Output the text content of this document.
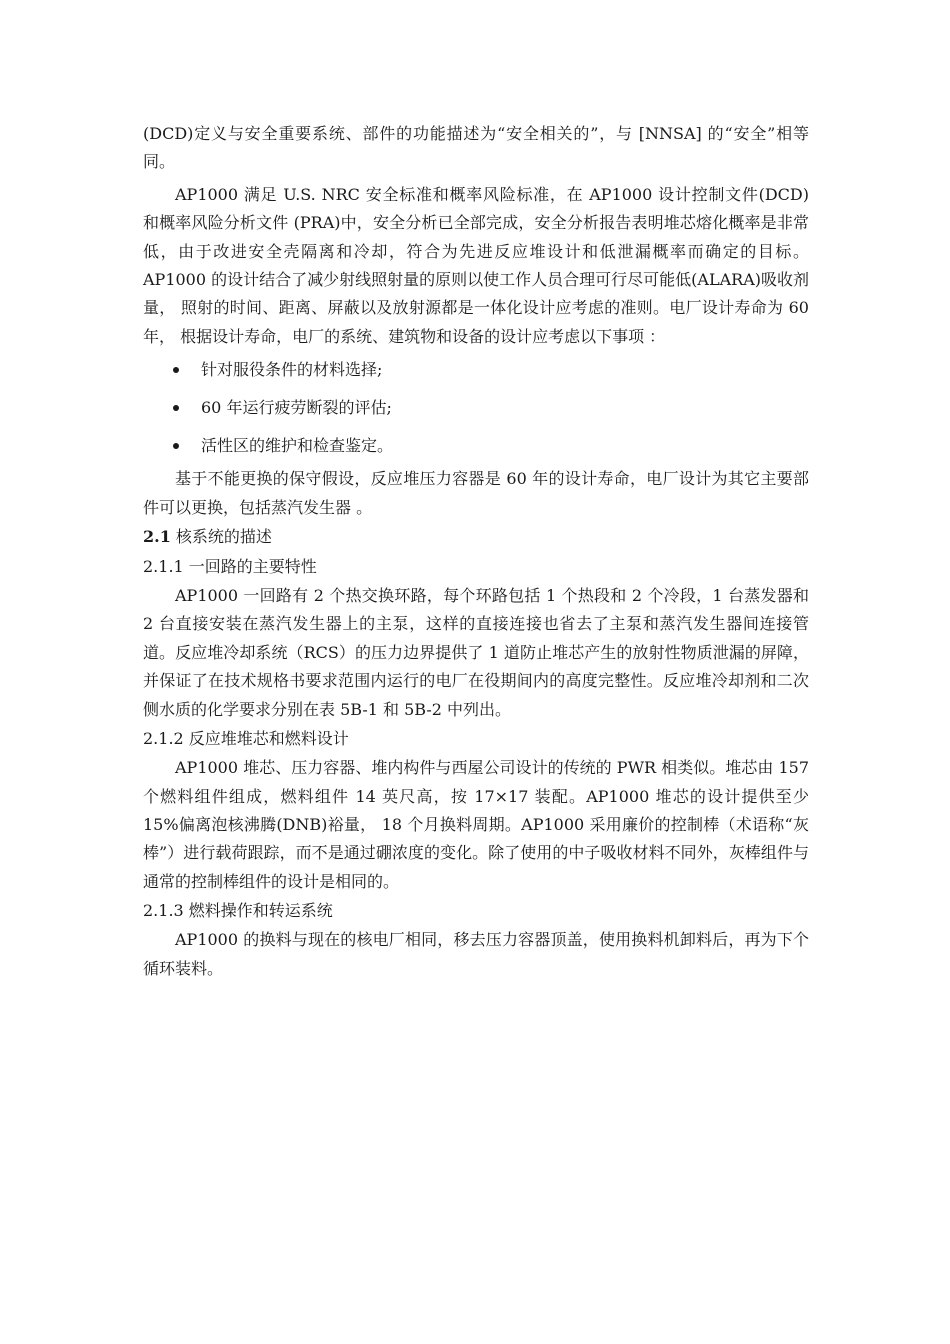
(DCD)定义与安全重要系统、部件的功能描述为“安全相关的”，与 [NNSA] 的“安全”相等同。

AP1000 满足 U.S. NRC 安全标准和概率风险标准，在 AP1000 设计控制文件(DCD) 和概率风险分析文件 (PRA)中，安全分析已全部完成，安全分析报告表明堆芯熔化概率是非常低，由于改进安全壳隔离和冷却，符合为先进反应堆设计和低泄漏概率而确定的目标。AP1000 的设计结合了减少射线照射量的原则以使工作人员合理可行尽可能低(ALARA)吸收剂量， 照射的时间、距离、屏蔽以及放射源都是一体化设计应考虑的准则。电厂设计寿命为 60 年， 根据设计寿命，电厂的系统、建筑物和设备的设计应考虑以下事项 ：

针对服役条件的材料选择;
60 年运行疲劳断裂的评估;
活性区的维护和检查鉴定。

基于不能更换的保守假设，反应堆压力容器是 60 年的设计寿命，电厂设计为其它主要部件可以更换，包括蒸汽发生器 。

2.1 核系统的描述
2.1.1 一回路的主要特性

AP1000 一回路有 2 个热交换环路，每个环路包括 1 个热段和 2 个冷段，1 台蒸发器和 2 台直接安装在蒸汽发生器上的主泵，这样的直接连接也省去了主泵和蒸汽发生器间连接管道。反应堆冷却系统（RCS）的压力边界提供了 1 道防止堆芯产生的放射性物质泄漏的屏障，并保证了在技术规格书要求范围内运行的电厂在役期间内的高度完整性。反应堆冷却剂和二次侧水质的化学要求分别在表 5B-1 和 5B-2 中列出。

2.1.2 反应堆堆芯和燃料设计

AP1000 堆芯、压力容器、堆内构件与西屋公司设计的传统的 PWR 相类似。堆芯由 157 个燃料组件组成，燃料组件 14 英尺高，按 17×17 装配。AP1000 堆芯的设计提供至少 15%偏离泡核沸腾(DNB)裕量， 18 个月换料周期。AP1000 采用廉价的控制棒（术语称“灰棒”）进行载荷跟踪，而不是通过硼浓度的变化。除了使用的中子吸收材料不同外，灰棒组件与通常的控制棒组件的设计是相同的。

2.1.3 燃料操作和转运系统

AP1000 的换料与现在的核电厂相同，移去压力容器顶盖，使用换料机卸料后，再为下个循环装料。
